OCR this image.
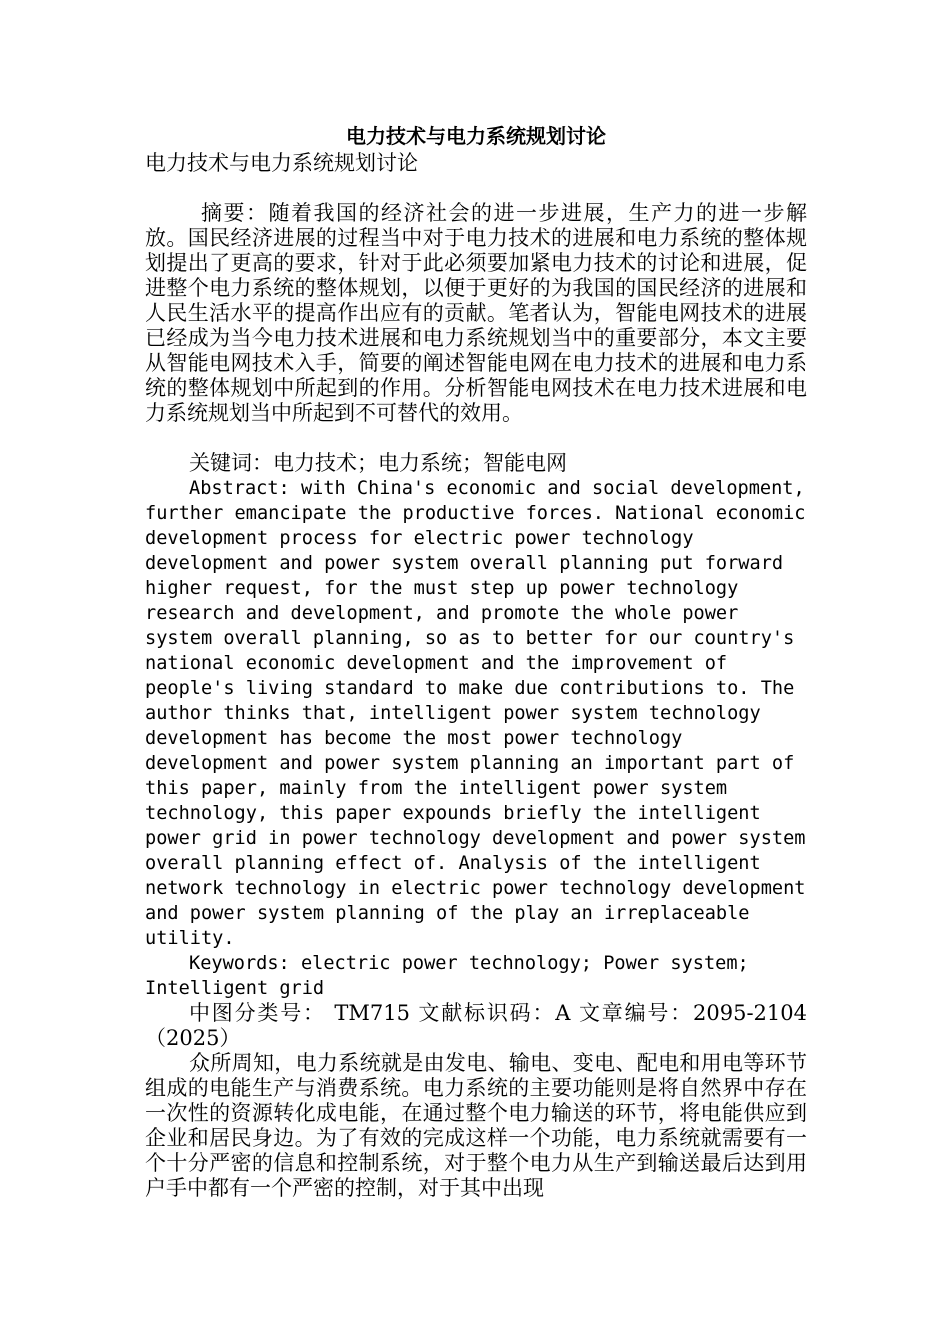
电力技术与电力系统规划讨论

电力技术与电力系统规划讨论

摘要：随着我国的经济社会的进一步进展，生产力的进一步解放。国民经济进展的过程当中对于电力技术的进展和电力系统的整体规划提出了更高的要求，针对于此必须要加紧电力技术的讨论和进展，促进整个电力系统的整体规划，以便于更好的为我国的国民经济的进展和人民生活水平的提高作出应有的贡献。笔者认为，智能电网技术的进展已经成为当今电力技术进展和电力系统规划当中的重要部分，本文主要从智能电网技术入手，简要的阐述智能电网在电力技术的进展和电力系统的整体规划中所起到的作用。分析智能电网技术在电力技术进展和电力系统规划当中所起到不可替代的效用。

关键词：电力技术；电力系统；智能电网

Abstract: with China's economic and social development, further emancipate the productive forces. National economic development process for electric power technology development and power system overall planning put forward higher request, for the must step up power technology research and development, and promote the whole power system overall planning, so as to better for our country's national economic development and the improvement of people's living standard to make due contributions to. The author thinks that, intelligent power system technology development has become the most power technology development and power system planning an important part of this paper, mainly from the intelligent power system technology, this paper expounds briefly the intelligent power grid in power technology development and power system overall planning effect of. Analysis of the intelligent network technology in electric power technology development and power system planning of the play an irreplaceable utility.

Keywords: electric power technology; Power system; Intelligent grid

中图分类号： TM715 文献标识码：A 文章编号：2095-2104（2025）

众所周知，电力系统就是由发电、输电、变电、配电和用电等环节组成的电能生产与消费系统。电力系统的主要功能则是将自然界中存在一次性的资源转化成电能，在通过整个电力输送的环节，将电能供应到企业和居民身边。为了有效的完成这样一个功能，电力系统就需要有一个十分严密的信息和控制系统，对于整个电力从生产到输送最后达到用户手中都有一个严密的控制，对于其中出现
